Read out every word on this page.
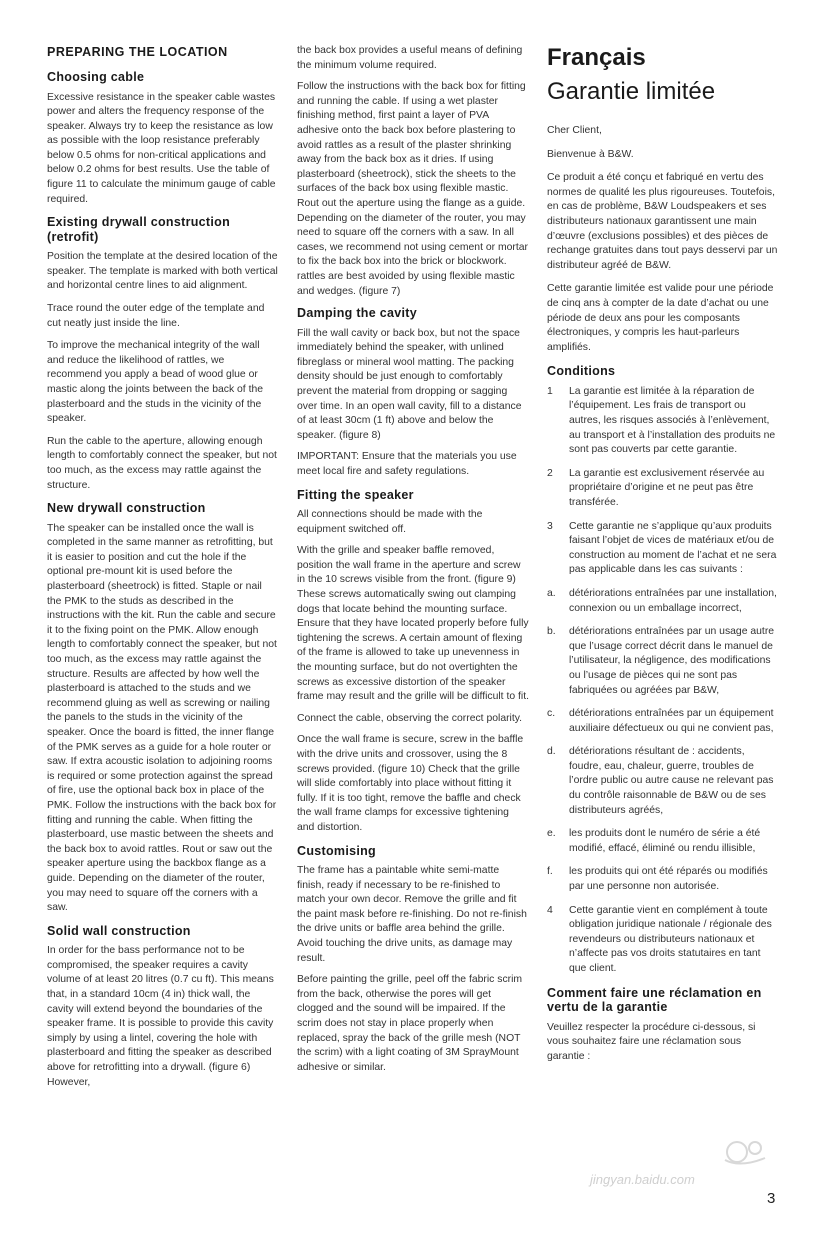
PREPARING THE LOCATION
Choosing cable
Excessive resistance in the speaker cable wastes power and alters the frequency response of the speaker. Always try to keep the resistance as low as possible with the loop resistance preferably below 0.5 ohms for non-critical applications and below 0.2 ohms for best results. Use the table of figure 11 to calculate the minimum gauge of cable required.
Existing drywall construction (retrofit)
Position the template at the desired location of the speaker. The template is marked with both vertical and horizontal centre lines to aid alignment.
Trace round the outer edge of the template and cut neatly just inside the line.
To improve the mechanical integrity of the wall and reduce the likelihood of rattles, we recommend you apply a bead of wood glue or mastic along the joints between the back of the plasterboard and the studs in the vicinity of the speaker.
Run the cable to the aperture, allowing enough length to comfortably connect the speaker, but not too much, as the excess may rattle against the structure.
New drywall construction
The speaker can be installed once the wall is completed in the same manner as retrofitting, but it is easier to position and cut the hole if the optional pre-mount kit is used before the plasterboard (sheetrock) is fitted. Staple or nail the PMK to the studs as described in the instructions with the kit. Run the cable and secure it to the fixing point on the PMK. Allow enough length to comfortably connect the speaker, but not too much, as the excess may rattle against the structure. Results are affected by how well the plasterboard is attached to the studs and we recommend gluing as well as screwing or nailing the panels to the studs in the vicinity of the speaker. Once the board is fitted, the inner flange of the PMK serves as a guide for a hole router or saw. If extra acoustic isolation to adjoining rooms is required or some protection against the spread of fire, use the optional back box in place of the PMK. Follow the instructions with the back box for fitting and running the cable. When fitting the plasterboard, use mastic between the sheets and the back box to avoid rattles. Rout or saw out the speaker aperture using the backbox flange as a guide. Depending on the diameter of the router, you may need to square off the corners with a saw.
Solid wall construction
In order for the bass performance not to be compromised, the speaker requires a cavity volume of at least 20 litres (0.7 cu ft). This means that, in a standard 10cm (4 in) thick wall, the cavity will extend beyond the boundaries of the speaker frame. It is possible to provide this cavity simply by using a lintel, covering the hole with plasterboard and fitting the speaker as described above for retrofitting into a drywall. (figure 6) However,
the back box provides a useful means of defining the minimum volume required.
Follow the instructions with the back box for fitting and running the cable. If using a wet plaster finishing method, first paint a layer of PVA adhesive onto the back box before plastering to avoid rattles as a result of the plaster shrinking away from the back box as it dries. If using plasterboard (sheetrock), stick the sheets to the surfaces of the back box using flexible mastic. Rout out the aperture using the flange as a guide. Depending on the diameter of the router, you may need to square off the corners with a saw. In all cases, we recommend not using cement or mortar to fix the back box into the brick or blockwork. rattles are best avoided by using flexible mastic and wedges. (figure 7)
Damping the cavity
Fill the wall cavity or back box, but not the space immediately behind the speaker, with unlined fibreglass or mineral wool matting. The packing density should be just enough to comfortably prevent the material from dropping or sagging over time. In an open wall cavity, fill to a distance of at least 30cm (1 ft) above and below the speaker. (figure 8)
IMPORTANT: Ensure that the materials you use meet local fire and safety regulations.
Fitting the speaker
All connections should be made with the equipment switched off.
With the grille and speaker baffle removed, position the wall frame in the aperture and screw in the 10 screws visible from the front. (figure 9) These screws automatically swing out clamping dogs that locate behind the mounting surface. Ensure that they have located properly before fully tightening the screws. A certain amount of flexing of the frame is allowed to take up unevenness in the mounting surface, but do not overtighten the screws as excessive distortion of the speaker frame may result and the grille will be difficult to fit.
Connect the cable, observing the correct polarity.
Once the wall frame is secure, screw in the baffle with the drive units and crossover, using the 8 screws provided. (figure 10) Check that the grille will slide comfortably into place without fitting it fully. If it is too tight, remove the baffle and check the wall frame clamps for excessive tightening and distortion.
Customising
The frame has a paintable white semi-matte finish, ready if necessary to be re-finished to match your own decor. Remove the grille and fit the paint mask before re-finishing. Do not re-finish the drive units or baffle area behind the grille. Avoid touching the drive units, as damage may result.
Before painting the grille, peel off the fabric scrim from the back, otherwise the pores will get clogged and the sound will be impaired. If the scrim does not stay in place properly when replaced, spray the back of the grille mesh (NOT the scrim) with a light coating of 3M SprayMount adhesive or similar.
Français
Garantie limitée
Cher Client,
Bienvenue à B&W.
Ce produit a été conçu et fabriqué en vertu des normes de qualité les plus rigoureuses. Toutefois, en cas de problème, B&W Loudspeakers et ses distributeurs nationaux garantissent une main d’œuvre (exclusions possibles) et des pièces de rechange gratuites dans tout pays desservi par un distributeur agréé de B&W.
Cette garantie limitée est valide pour une période de cinq ans à compter de la date d’achat ou une période de deux ans pour les composants électroniques, y compris les haut-parleurs amplifiés.
Conditions
1	La garantie est limitée à la réparation de l’équipement. Les frais de transport ou autres, les risques associés à l’enlèvement, au transport et à l’installation des produits ne sont pas couverts par cette garantie.
2	La garantie est exclusivement réservée au propriétaire d’origine et ne peut pas être transférée.
3	Cette garantie ne s’applique qu’aux produits faisant l’objet de vices de matériaux et/ou de construction au moment de l’achat et ne sera pas applicable dans les cas suivants :
a.	détériorations entraînées par une installation, connexion ou un emballage incorrect,
b.	détériorations entraînées par un usage autre que l’usage correct décrit dans le manuel de l’utilisateur, la négligence, des modifications ou l’usage de pièces qui ne sont pas fabriquées ou agréées par B&W,
c.	détériorations entraînées par un équipement auxiliaire défectueux ou qui ne convient pas,
d.	détériorations résultant de : accidents, foudre, eau, chaleur, guerre, troubles de l’ordre public ou autre cause ne relevant pas du contrôle raisonnable de B&W ou de ses distributeurs agréés,
e.	les produits dont le numéro de série a été modifié, effacé, éliminé ou rendu illisible,
f.	les produits qui ont été réparés ou modifiés par une personne non autorisée.
4	Cette garantie vient en complément à toute obligation juridique nationale / régionale des revendeurs ou distributeurs nationaux et n’affecte pas vos droits statutaires en tant que client.
Comment faire une réclamation en vertu de la garantie
Veuillez respecter la procédure ci-dessous, si vous souhaitez faire une réclamation sous garantie :
jingyan.baidu.com
3
